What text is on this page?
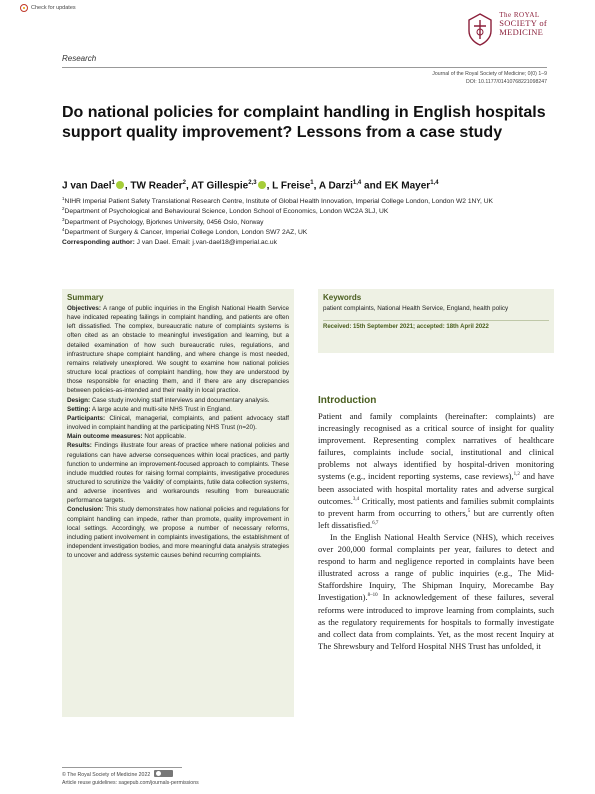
Check for updates
The ROYAL
SOCIETY of
MEDICINE
Research
Journal of the Royal Society of Medicine; 0(0) 1–9
DOI: 10.1177/01410768221098247
Do national policies for complaint handling in English hospitals support quality improvement? Lessons from a case study
J van Dael$^1$ , TW Reader$^2$, AT Gillespie$^{2,3}$ , L Freise$^1$, A Darzi$^{1,4}$ and EK Mayer$^{1,4}$
$^1$NIHR Imperial Patient Safety Translational Research Centre, Institute of Global Health Innovation, Imperial College London, London W2 1NY, UK
$^2$Department of Psychological and Behavioural Science, London School of Economics, London WC2A 3LJ, UK
$^3$Department of Psychology, Bjorknes University, 0456 Oslo, Norway
$^4$Department of Surgery & Cancer, Imperial College London, London SW7 2AZ, UK
Corresponding author: J van Dael. Email: j.van-dael18@imperial.ac.uk
Summary

Objectives: A range of public inquiries in the English National Health Service have indicated repeating failings in complaint handling, and patients are often left dissatisfied. The complex, bureaucratic nature of complaints systems is often cited as an obstacle to meaningful investigation and learning, but a detailed examination of how such bureaucratic rules, regulations, and infrastructure shape complaint handling, and where change is most needed, remains relatively unexplored. We sought to examine how national policies structure local practices of complaint handling, how they are understood by those responsible for enacting them, and if there are any discrepancies between policies-as-intended and their reality in local practice.

Design: Case study involving staff interviews and documentary analysis.

Setting: A large acute and multi-site NHS Trust in England.

Participants: Clinical, managerial, complaints, and patient advocacy staff involved in complaint handling at the participating NHS Trust (n=20).

Main outcome measures: Not applicable.

Results: Findings illustrate four areas of practice where national policies and regulations can have adverse consequences within local practices, and partly function to undermine an improvement-focused approach to complaints. These include muddled routes for raising formal complaints, investigative procedures structured to scrutinize the 'validity' of complaints, futile data collection systems, and adverse incentives and workarounds resulting from bureaucratic performance targets.

Conclusion: This study demonstrates how national policies and regulations for complaint handling can impede, rather than promote, quality improvement in local settings. Accordingly, we propose a number of necessary reforms, including patient involvement in complaints investigations, the establishment of independent investigation bodies, and more meaningful data analysis strategies to uncover and address systemic causes behind recurring complaints.

Keywords
patient complaints, National Health Service, England, health policy
Received: 15th September 2021; accepted: 18th April 2022
Introduction

Patient and family complaints (hereinafter: complaints) are increasingly recognised as a critical source of insight for quality improvement. Representing complex narratives of healthcare failures, complaints include social, institutional and clinical problems not always identified by hospital-driven monitoring systems (e.g., incident reporting systems, case reviews),$^{1,2}$ and have been associated with hospital mortality rates and adverse surgical outcomes.$^{3,4}$ Critically, most patients and families submit complaints to prevent harm from occurring to others,$^5$ but are currently often left dissatisfied.$^{6,7}$

In the English National Health Service (NHS), which receives over 200,000 formal complaints per year, failures to detect and respond to harm and negligence reported in complaints have been illustrated across a range of public inquiries (e.g., The Mid-Staffordshire Inquiry, The Shipman Inquiry, Morecambe Bay Investigation).$^{8-10}$ In acknowledgement of these failures, several reforms were introduced to improve learning from complaints, such as the regulatory requirements for hospitals to formally investigate and collect data from complaints. Yet, as the most recent Inquiry at The Shrewsbury and Telford Hospital NHS Trust has unfolded, it

© The Royal Society of Medicine 2022
Article reuse guidelines: sagepub.com/journals-permissions
